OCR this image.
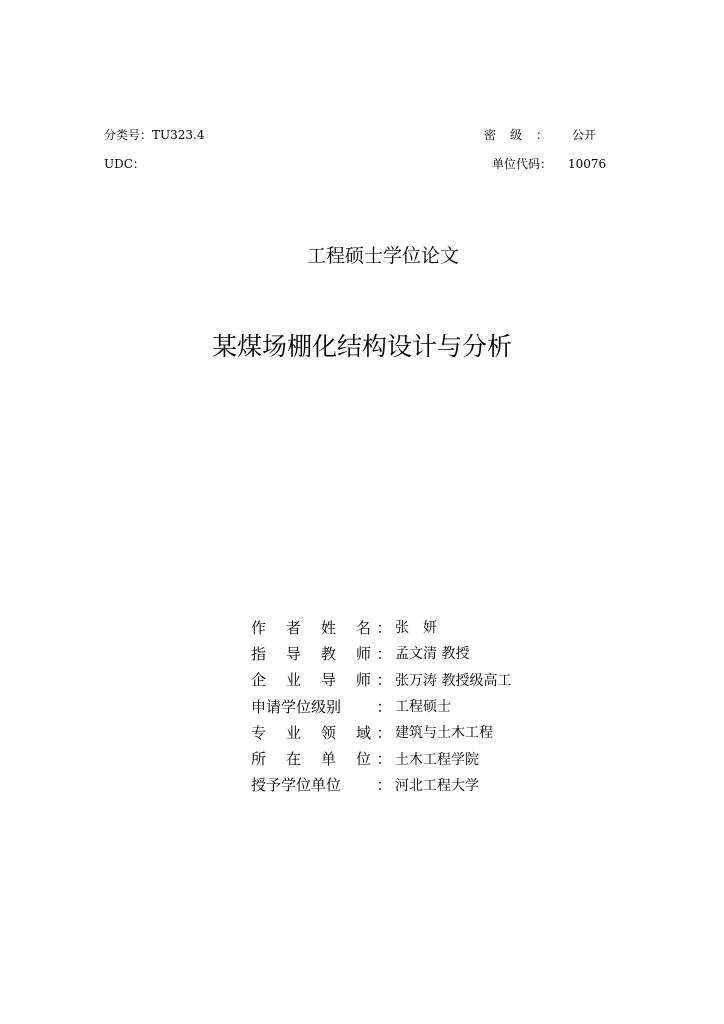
分类号：TU323.4
UDC：
密级： 公开
单位代码： 10076
工程硕士学位论文
某煤场棚化结构设计与分析
作 者 姓 名 ： 张　妍
指 导 教 师 ： 孟文清 教授
企 业 导 师 ： 张万涛 教授级高工
申请学位级别 ： 工程硕士
专 业 领 域 ： 建筑与土木工程
所 在 单 位 ： 土木工程学院
授予学位单位 ： 河北工程大学
